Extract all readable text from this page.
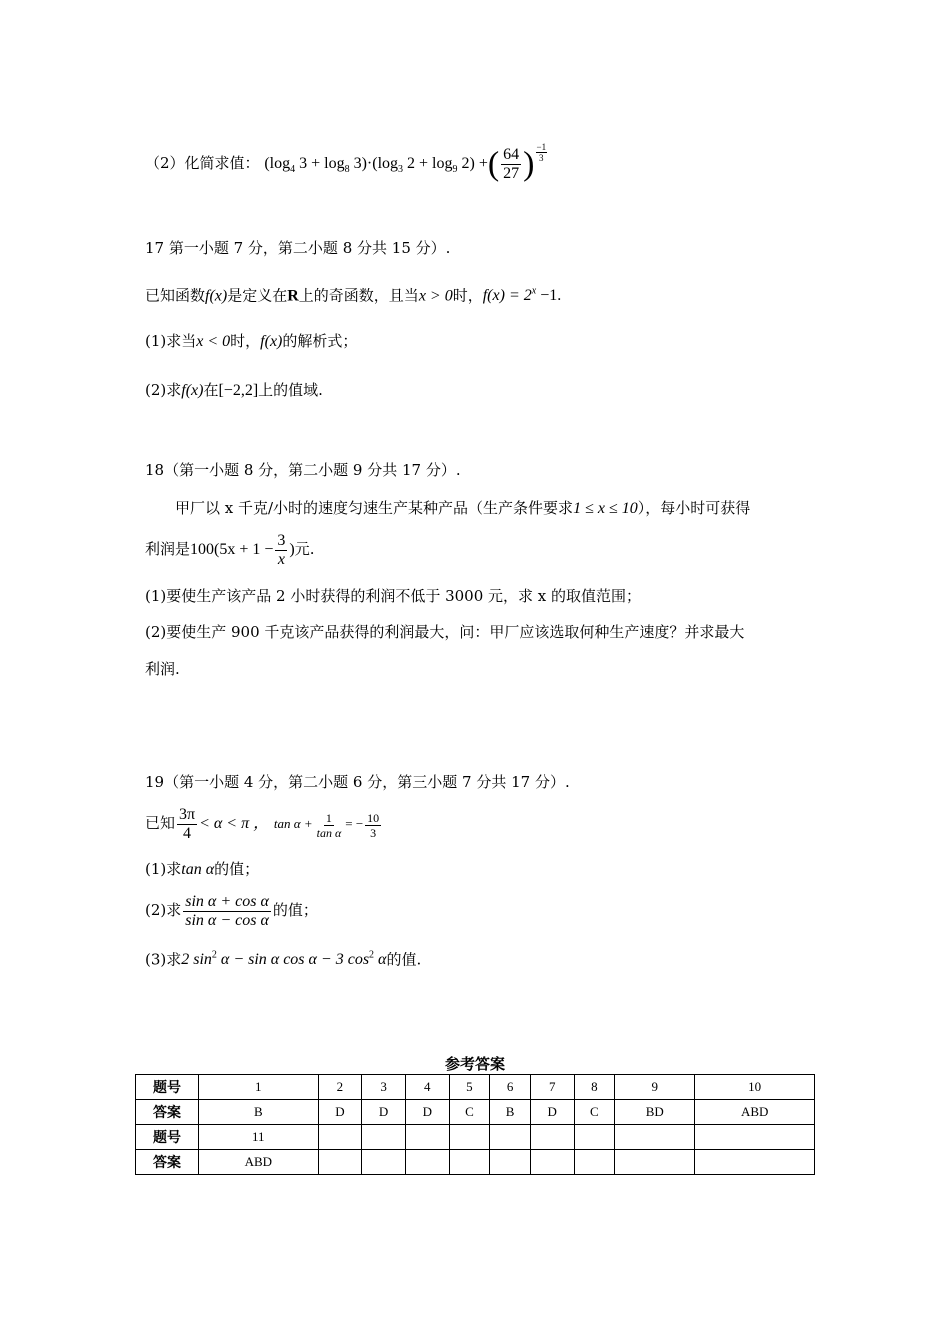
（2）化简求值： ($\log_4$ $3 + \log_8 3)\cdot(\log_3$ $2 + \log_9 2$) +( $\frac{64}{27}$ ) $\frac{-1}{3}$
17 第一小题 7 分，第二小题 8 分共 15 分）.
已知函数f(x)是定义在R上的奇函数，且当x > 0时，$f(x) = 2^x -1$.
(1)求当x < 0时，f(x)的解析式；
(2)求f(x)在[−2,2]上的值域.
18（第一小题 8 分，第二小题 9 分共 17 分）.
甲厂以 x 千克/小时的速度匀速生产某种产品（生产条件要求1 ≤ x ≤ 10），每小时可获得
利润是$100(5x + 1 - \frac{3}{x}$ )元.
(1)要使生产该产品 2 小时获得的利润不低于 3000 元，求 x 的取值范围；
(2)要使生产 900 千克该产品获得的利润最大，问：甲厂应该选取何种生产速度？并求最大
利润.
19（第一小题 4 分，第二小题 6 分，第三小题 7 分共 17 分）.
已知 $\frac{3\pi}{4} < \alpha < \pi$ ， $\tan \alpha + \frac{1}{\text{tan α}}$ = − $\frac{10}{3}$
(1)求tan α的值；
(2)求 $\frac{\text{sin α + cos α}}{\text{sin α − cos α}}$ 的值；
(3)求2 $\sin^2 \alpha - \sin \alpha$ cos α − 3 $\cos^2 \alpha$的值.
参考答案
题号	1	2	3	4	5	6	7	8	9	10
答案	B	D	D	D	C	B	D	C	BD	ABD
题号	11									
答案	ABD									
